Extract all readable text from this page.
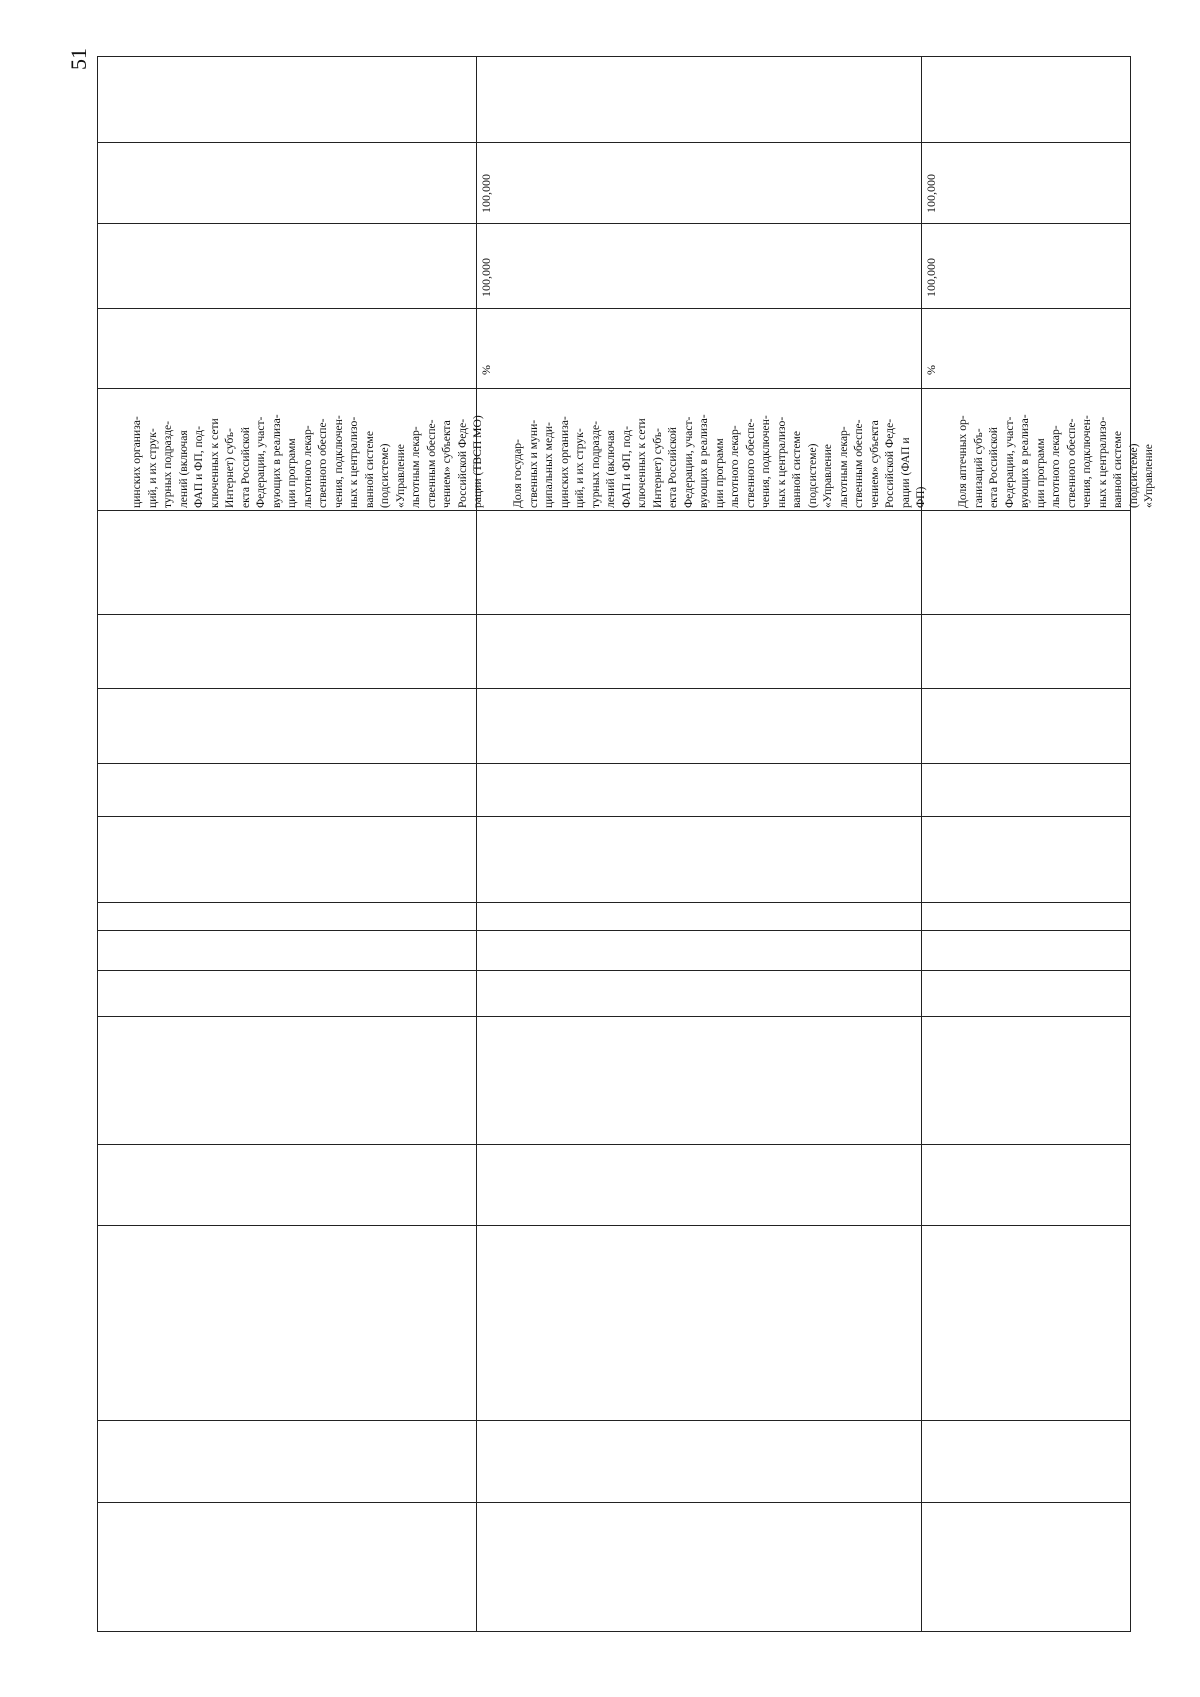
51

цинских организа- ций, и их струк- турных подразде- лений (включая ФАП и ФП, под- ключенных к сети Интернет) субъ- екта Российской Федерации, участ- вующих в реализа- ции программ льготного лекар- ственного обеспе- чения, подключен- ных к централизо- ванной системе (подсистеме) «Управление льготным лекар- ственным обеспе- чением» субъекта Российской Феде- рации (ТВСП МО)

Доля государ- ственных и муни- ципальных меди- цинских организа- ций, и их струк- турных подразде- лений (включая ФАП и ФП, под- ключенных к сети Интернет) субъ- екта Российской Федерации, участ- вующих в реализа- ции программ льготного лекар- ственного обеспе- чения, подключен- ных к централизо- ванной системе (подсистеме) «Управление льготным лекар- ственным обеспе- чением» субъекта Российской Феде- рации (ФАП и ФП)

	Доля аптечных ор- ганизаций субъ- екта Российской Федерации, участ- вующих в реализа- ции программ льготного лекар- ственного обеспе- чения, подключен- ных к централизо- ванной системе (подсистеме) «Управление

%	%
100,000
100,000
100,000
100,000
